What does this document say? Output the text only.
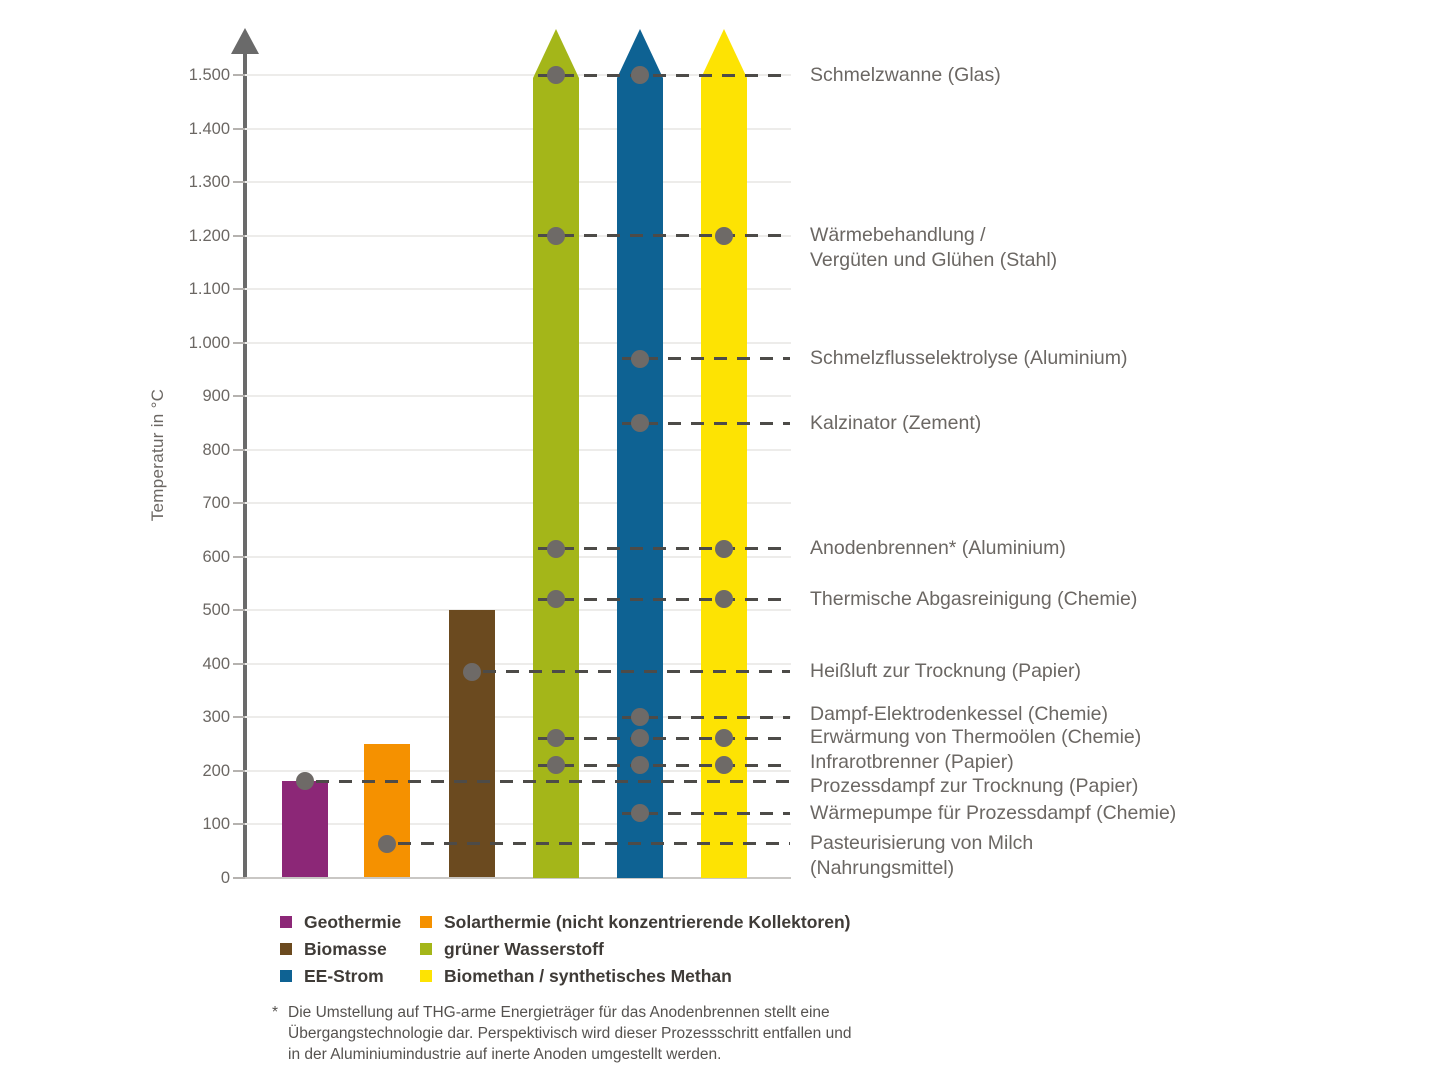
Temperatur in °C
0
100
200
300
400
500
600
700
800
900
1.000
1.100
1.200
1.300
1.400
1.500	Schmelzwanne (Glas)
Wärmebehandlung /
Vergüten und Glühen (Stahl)
Schmelzflusselektrolyse (Aluminium)
Kalzinator (Zement)
Anodenbrennen* (Aluminium)
Thermische Abgasreinigung (Chemie)
Heißluft zur Trocknung (Papier)
Dampf-Elektrodenkessel (Chemie)
Erwärmung von Thermoölen (Chemie)
Infrarotbrenner (Papier)
Prozessdampf zur Trocknung (Papier)
Wärmepumpe für Prozessdampf (Chemie)
Pasteurisierung von Milch
(Nahrungsmittel)
Geothermie Solarthermie (nicht konzentrierende Kollektoren)
Biomasse	grüner Wasserstoff
EE-Strom	Biomethan / synthetisches Methan
* Die Umstellung auf THG-arme Energieträger für das Anodenbrennen stellt eine
Übergangstechnologie dar. Perspektivisch wird dieser Prozessschritt entfallen und
in der Aluminiumindustrie auf inerte Anoden umgestellt werden.
